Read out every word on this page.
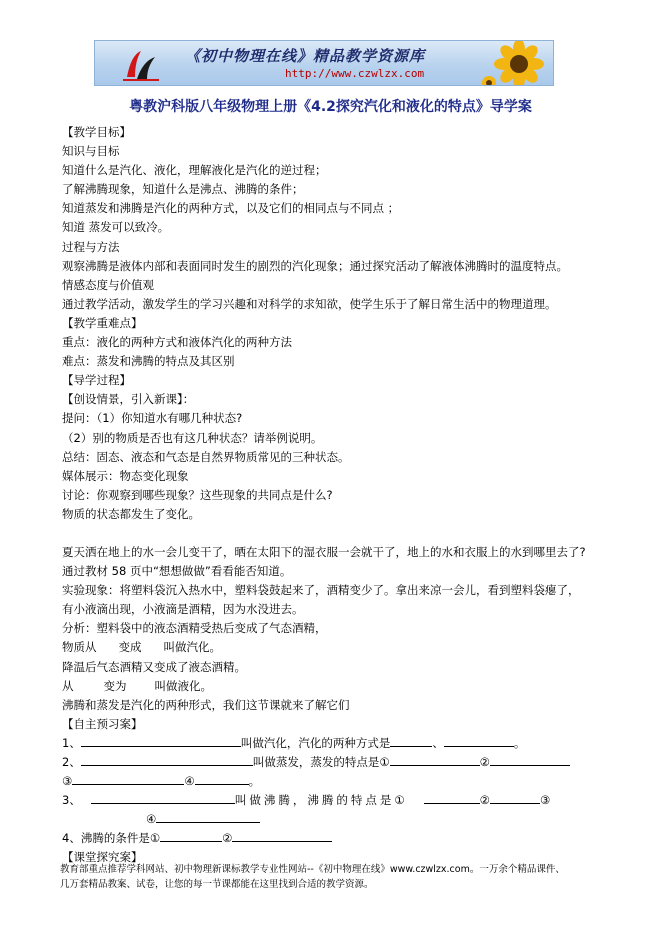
《初中物理在线》精品教学资源库
http://www.czwlzx.com
粤教沪科版八年级物理上册《4.2探究汽化和液化的特点》导学案
【教学目标】
知识与目标
知道什么是汽化、液化，理解液化是汽化的逆过程；
了解沸腾现象，知道什么是沸点、沸腾的条件；
知道蒸发和沸腾是汽化的两种方式，以及它们的相同点与不同点 ；
知道 蒸发可以致冷。
过程与方法
观察沸腾是液体内部和表面同时发生的剧烈的汽化现象；通过探究活动了解液体沸腾时的温度特点。
情感态度与价值观
通过教学活动，激发学生的学习兴趣和对科学的求知欲，使学生乐于了解日常生活中的物理道理。
【教学重难点】
重点：液化的两种方式和液体汽化的两种方法
难点：蒸发和沸腾的特点及其区别
【导学过程】
【创设情景，引入新课】：
提问：（1）你知道水有哪几种状态?
（2）别的物质是否也有这几种状态？请举例说明。
总结：固态、液态和气态是自然界物质常见的三种状态。
媒体展示：物态变化现象
讨论：你观察到哪些现象？这些现象的共同点是什么?
物质的状态都发生了变化。
夏天洒在地上的水一会儿变干了，晒在太阳下的湿衣服一会就干了，地上的水和衣服上的水到哪里去了?
通过教材 58 页中“想想做做”看看能否知道。
实验现象：将塑料袋沉入热水中，塑料袋鼓起来了，酒精变少了。拿出来凉一会儿，看到塑料袋瘪了，
有小液滴出现，小液滴是酒精，因为水没进去。
分析：塑料袋中的液态酒精受热后变成了气态酒精，
物质从 变成 叫做汽化。
降温后气态酒精又变成了液态酒精。
从	变为 叫做液化。
沸腾和蒸发是汽化的两种形式，我们这节课就来了解它们
【自主预习案】
1、	叫做汽化，汽化的两种方式是	、	。
2、	叫做蒸发，蒸发的特点是①	②
③	④	。
3、	叫做沸腾，沸腾的特点是①	②	③
④
4、沸腾的条件是①	②
【课堂探究案】
教育部重点推荐学科网站、初中物理新课标教学专业性网站--《初中物理在线》www.czwlzx.com。一万余个精品课件、
几万套精品教案、试卷，让您的每一节课都能在这里找到合适的教学资源。
